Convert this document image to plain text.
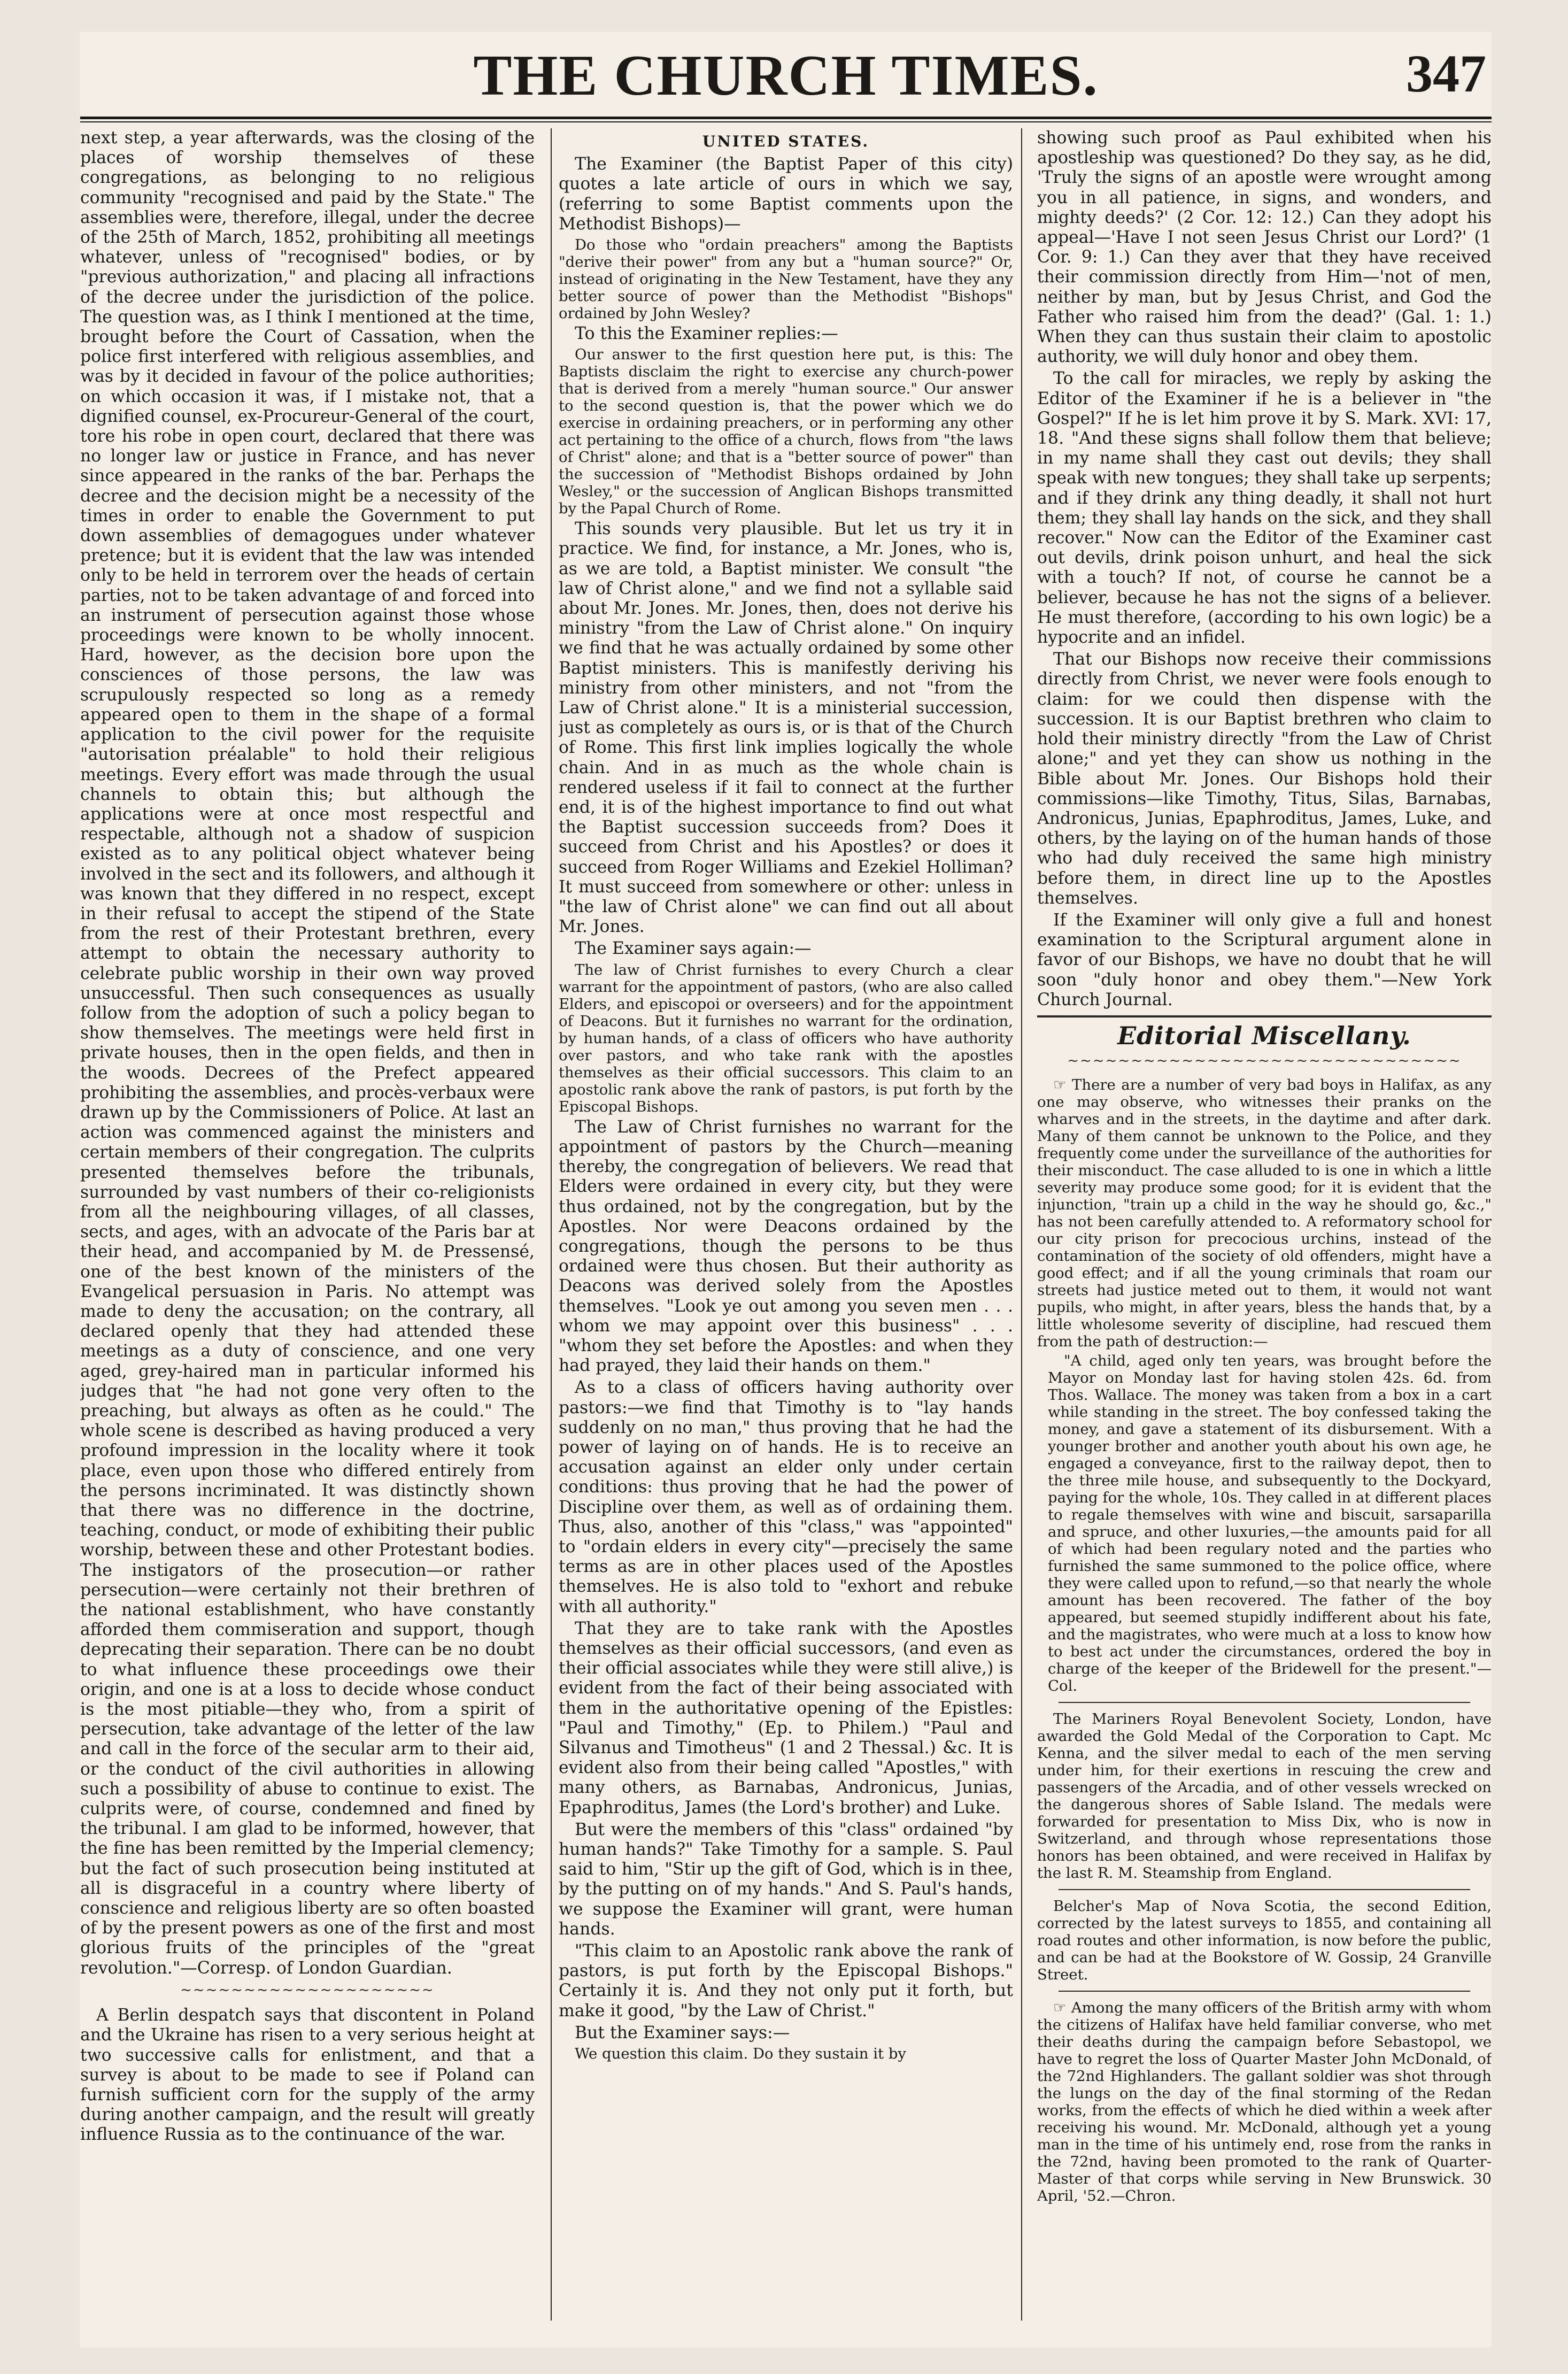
THE CHURCH TIMES.	347

next step, a year afterwards, was the closing of the places of worship themselves of these congregations, as belonging to no religious community "recognised and paid by the State." The assemblies were, therefore, illegal, under the decree of the 25th of March, 1852, prohibiting all meetings whatever, unless of "recognised" bodies, or by "previous authorization," and placing all infractions of the decree under the jurisdiction of the police. The question was, as I think I mentioned at the time, brought before the Court of Cassation, when the police first interfered with religious assemblies, and was by it decided in favour of the police authorities; on which occasion it was, if I mistake not, that a dignified counsel, ex-Procureur-General of the court, tore his robe in open court, declared that there was no longer law or justice in France, and has never since appeared in the ranks of the bar. Perhaps the decree and the decision might be a necessity of the times in order to enable the Government to put down assemblies of demagogues under whatever pretence; but it is evident that the law was intended only to be held in terrorem over the heads of certain parties, not to be taken advantage of and forced into an instrument of persecution against those whose proceedings were known to be wholly innocent. Hard, however, as the decision bore upon the consciences of those persons, the law was scrupulously respected so long as a remedy appeared open to them in the shape of a formal application to the civil power for the requisite "autorisation préalable" to hold their religious meetings. Every effort was made through the usual channels to obtain this; but although the applications were at once most respectful and respectable, although not a shadow of suspicion existed as to any political object whatever being involved in the sect and its followers, and although it was known that they differed in no respect, except in their refusal to accept the stipend of the State from the rest of their Protestant brethren, every attempt to obtain the necessary authority to celebrate public worship in their own way proved unsuccessful. Then such consequences as usually follow from the adoption of such a policy began to show themselves. The meetings were held first in private houses, then in the open fields, and then in the woods. Decrees of the Prefect appeared prohibiting the assemblies, and procès-verbaux were drawn up by the Commissioners of Police. At last an action was commenced against the ministers and certain members of their congregation. The culprits presented themselves before the tribunals, surrounded by vast numbers of their co-religionists from all the neighbouring villages, of all classes, sects, and ages, with an advocate of the Paris bar at their head, and accompanied by M. de Pressensé, one of the best known of the ministers of the Evangelical persuasion in Paris. No attempt was made to deny the accusation; on the contrary, all declared openly that they had attended these meetings as a duty of conscience, and one very aged, grey-haired man in particular informed his judges that "he had not gone very often to the preaching, but always as often as he could." The whole scene is described as having produced a very profound impression in the locality where it took place, even upon those who differed entirely from the persons incriminated. It was distinctly shown that there was no difference in the doctrine, teaching, conduct, or mode of exhibiting their public worship, between these and other Protestant bodies. The instigators of the prosecution—or rather persecution—were certainly not their brethren of the national establishment, who have constantly afforded them commiseration and support, though deprecating their separation. There can be no doubt to what influence these proceedings owe their origin, and one is at a loss to decide whose conduct is the most pitiable—they who, from a spirit of persecution, take advantage of the letter of the law and call in the force of the secular arm to their aid, or the conduct of the civil authorities in allowing such a possibility of abuse to continue to exist. The culprits were, of course, condemned and fined by the tribunal. I am glad to be informed, however, that the fine has been remitted by the Imperial clemency; but the fact of such prosecution being instituted at all is disgraceful in a country where liberty of conscience and religious liberty are so often boasted of by the present powers as one of the first and most glorious fruits of the principles of the "great revolution."—Corresp. of London Guardian.

~~~~~~~~~~~~~~~~~~~~

A Berlin despatch says that discontent in Poland and the Ukraine has risen to a very serious height at two successive calls for enlistment, and that a survey is about to be made to see if Poland can furnish sufficient corn for the supply of the army during another campaign, and the result will greatly influence Russia as to the continuance of the war.

UNITED STATES.

The Examiner (the Baptist Paper of this city) quotes a late article of ours in which we say, (referring to some Baptist comments upon the Methodist Bishops)—

Do those who "ordain preachers" among the Baptists "derive their power" from any but a "human source?" Or, instead of originating in the New Testament, have they any better source of power than the Methodist "Bishops" ordained by John Wesley?

To this the Examiner replies:—

Our answer to the first question here put, is this: The Baptists disclaim the right to exercise any church-power that is derived from a merely "human source." Our answer to the second question is, that the power which we do exercise in ordaining preachers, or in performing any other act pertaining to the office of a church, flows from "the laws of Christ" alone; and that is a "better source of power" than the succession of "Methodist Bishops ordained by John Wesley," or the succession of Anglican Bishops transmitted by the Papal Church of Rome.

This sounds very plausible. But let us try it in practice. We find, for instance, a Mr. Jones, who is, as we are told, a Baptist minister. We consult "the law of Christ alone," and we find not a syllable said about Mr. Jones. Mr. Jones, then, does not derive his ministry "from the Law of Christ alone." On inquiry we find that he was actually ordained by some other Baptist ministers. This is manifestly deriving his ministry from other ministers, and not "from the Law of Christ alone." It is a ministerial succession, just as completely as ours is, or is that of the Church of Rome. This first link implies logically the whole chain. And in as much as the whole chain is rendered useless if it fail to connect at the further end, it is of the highest importance to find out what the Baptist succession succeeds from? Does it succeed from Christ and his Apostles? or does it succeed from Roger Williams and Ezekiel Holliman? It must succeed from somewhere or other: unless in "the law of Christ alone" we can find out all about Mr. Jones.

The Examiner says again:—

The law of Christ furnishes to every Church a clear warrant for the appointment of pastors, (who are also called Elders, and episcopoi or overseers) and for the appointment of Deacons. But it furnishes no warrant for the ordination, by human hands, of a class of officers who have authority over pastors, and who take rank with the apostles themselves as their official successors. This claim to an apostolic rank above the rank of pastors, is put forth by the Episcopal Bishops.

The Law of Christ furnishes no warrant for the appointment of pastors by the Church—meaning thereby, the congregation of believers. We read that Elders were ordained in every city, but they were thus ordained, not by the congregation, but by the Apostles. Nor were Deacons ordained by the congregations, though the persons to be thus ordained were thus chosen. But their authority as Deacons was derived solely from the Apostles themselves. "Look ye out among you seven men . . . whom we may appoint over this business" . . . "whom they set before the Apostles: and when they had prayed, they laid their hands on them."

As to a class of officers having authority over pastors:—we find that Timothy is to "lay hands suddenly on no man," thus proving that he had the power of laying on of hands. He is to receive an accusation against an elder only under certain conditions: thus proving that he had the power of Discipline over them, as well as of ordaining them. Thus, also, another of this "class," was "appointed" to "ordain elders in every city"—precisely the same terms as are in other places used of the Apostles themselves. He is also told to "exhort and rebuke with all authority."

That they are to take rank with the Apostles themselves as their official successors, (and even as their official associates while they were still alive,) is evident from the fact of their being associated with them in the authoritative opening of the Epistles: "Paul and Timothy," (Ep. to Philem.) "Paul and Silvanus and Timotheus" (1 and 2 Thessal.) &c. It is evident also from their being called "Apostles," with many others, as Barnabas, Andronicus, Junias, Epaphroditus, James (the Lord's brother) and Luke.

But were the members of this "class" ordained "by human hands?" Take Timothy for a sample. S. Paul said to him, "Stir up the gift of God, which is in thee, by the putting on of my hands." And S. Paul's hands, we suppose the Examiner will grant, were human hands.

"This claim to an Apostolic rank above the rank of pastors, is put forth by the Episcopal Bishops." Certainly it is. And they not only put it forth, but make it good, "by the Law of Christ."

But the Examiner says:—

We question this claim. Do they sustain it by

showing such proof as Paul exhibited when his apostleship was questioned? Do they say, as he did, 'Truly the signs of an apostle were wrought among you in all patience, in signs, and wonders, and mighty deeds?' (2 Cor. 12: 12.) Can they adopt his appeal—'Have I not seen Jesus Christ our Lord?' (1 Cor. 9: 1.) Can they aver that they have received their commission directly from Him—'not of men, neither by man, but by Jesus Christ, and God the Father who raised him from the dead?' (Gal. 1: 1.) When they can thus sustain their claim to apostolic authority, we will duly honor and obey them.

To the call for miracles, we reply by asking the Editor of the Examiner if he is a believer in "the Gospel?" If he is let him prove it by S. Mark. XVI: 17, 18. "And these signs shall follow them that believe; in my name shall they cast out devils; they shall speak with new tongues; they shall take up serpents; and if they drink any thing deadly, it shall not hurt them; they shall lay hands on the sick, and they shall recover." Now can the Editor of the Examiner cast out devils, drink poison unhurt, and heal the sick with a touch? If not, of course he cannot be a believer, because he has not the signs of a believer. He must therefore, (according to his own logic) be a hypocrite and an infidel.

That our Bishops now receive their commissions directly from Christ, we never were fools enough to claim: for we could then dispense with the succession. It is our Baptist brethren who claim to hold their ministry directly "from the Law of Christ alone;" and yet they can show us nothing in the Bible about Mr. Jones. Our Bishops hold their commissions—like Timothy, Titus, Silas, Barnabas, Andronicus, Junias, Epaphroditus, James, Luke, and others, by the laying on of the human hands of those who had duly received the same high ministry before them, in direct line up to the Apostles themselves.

If the Examiner will only give a full and honest examination to the Scriptural argument alone in favor of our Bishops, we have no doubt that he will soon "duly honor and obey them."—New York Church Journal.

Editorial Miscellany.
~~~~~~~~~~~~~~~~~~~~~~~~~~~~~~~

☞ There are a number of very bad boys in Halifax, as any one may observe, who witnesses their pranks on the wharves and in the streets, in the daytime and after dark. Many of them cannot be unknown to the Police, and they frequently come under the surveillance of the authorities for their misconduct. The case alluded to is one in which a little severity may produce some good; for it is evident that the injunction, "train up a child in the way he should go, &c.," has not been carefully attended to. A reformatory school for our city prison for precocious urchins, instead of the contamination of the society of old offenders, might have a good effect; and if all the young criminals that roam our streets had justice meted out to them, it would not want pupils, who might, in after years, bless the hands that, by a little wholesome severity of discipline, had rescued them from the path of destruction:—

"A child, aged only ten years, was brought before the Mayor on Monday last for having stolen 42s. 6d. from Thos. Wallace. The money was taken from a box in a cart while standing in the street. The boy confessed taking the money, and gave a statement of its disbursement. With a younger brother and another youth about his own age, he engaged a conveyance, first to the railway depot, then to the three mile house, and subsequently to the Dockyard, paying for the whole, 10s. They called in at different places to regale themselves with wine and biscuit, sarsaparilla and spruce, and other luxuries,—the amounts paid for all of which had been regulary noted and the parties who furnished the same summoned to the police office, where they were called upon to refund,—so that nearly the whole amount has been recovered. The father of the boy appeared, but seemed stupidly indifferent about his fate, and the magistrates, who were much at a loss to know how to best act under the circumstances, ordered the boy in charge of the keeper of the Bridewell for the present."—Col.

The Mariners Royal Benevolent Society, London, have awarded the Gold Medal of the Corporation to Capt. Mc Kenna, and the silver medal to each of the men serving under him, for their exertions in rescuing the crew and passengers of the Arcadia, and of other vessels wrecked on the dangerous shores of Sable Island. The medals were forwarded for presentation to Miss Dix, who is now in Switzerland, and through whose representations those honors has been obtained, and were received in Halifax by the last R. M. Steamship from England.

Belcher's Map of Nova Scotia, the second Edition, corrected by the latest surveys to 1855, and containing all road routes and other information, is now before the public, and can be had at the Bookstore of W. Gossip, 24 Granville Street.

☞ Among the many officers of the British army with whom the citizens of Halifax have held familiar converse, who met their deaths during the campaign before Sebastopol, we have to regret the loss of Quarter Master John McDonald, of the 72nd Highlanders. The gallant soldier was shot through the lungs on the day of the final storming of the Redan works, from the effects of which he died within a week after receiving his wound. Mr. McDonald, although yet a young man in the time of his untimely end, rose from the ranks in the 72nd, having been promoted to the rank of Quarter-Master of that corps while serving in New Brunswick. 30 April, '52.—Chron.
